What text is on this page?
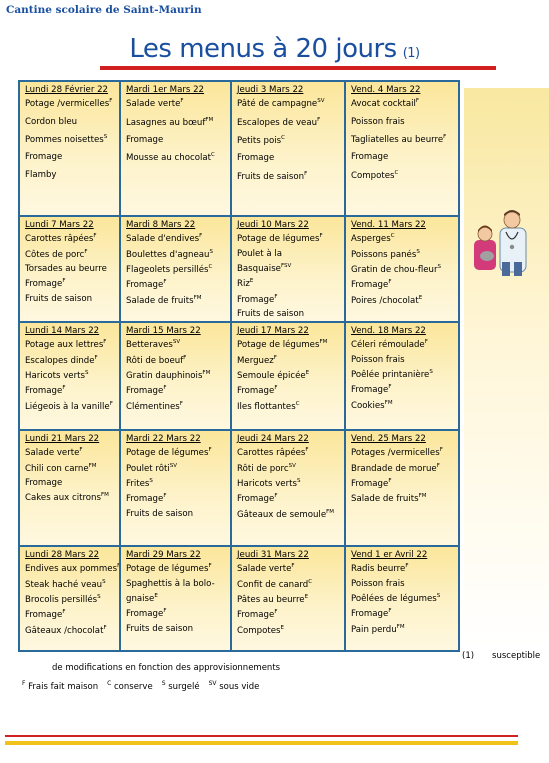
Cantine scolaire de Saint-Maurin
Les menus à 20 jours (1)
Lundi 28 Février 22
Potage /vermicelles$^F$
Cordon bleu
Pommes noisettes$^S$
Fromage
Flamby
Mardi 1er Mars 22
Salade verte$^F$
Lasagnes au bœuf$^{FM}$
Fromage
Mousse au chocolat$^C$
Jeudi 3 Mars 22
Pâté de campagne$^{SV}$
Escalopes de veau$^F$
Petits pois$^C$
Fromage
Fruits de saison$^F$
Vend. 4 Mars 22
Avocat cocktail$^F$
Poisson frais
Tagliatelles au beurre$^F$
Fromage
Compotes$^C$
Lundi 7 Mars 22
Carottes râpées$^F$
Côtes de porc$^F$
Torsades au beurre
Fromage$^F$
Fruits de saison
Mardi 8 Mars 22
Salade d'endives$^F$
Boulettes d'agneau$^S$
Flageolets persillés$^C$
Fromage$^F$
Salade de fruits$^{FM}$
Jeudi 10 Mars 22
Potage de légumes$^F$
Poulet à la
Basquaise$^{FSV}$
Riz$^E$
Fromage$^F$
Fruits de saison
Vend. 11 Mars 22
Asperges$^C$
Poissons panés$^S$
Gratin de chou-fleur$^S$
Fromage$^F$
Poires /chocolat$^E$
Lundi 14 Mars 22
Potage aux lettres$^F$
Escalopes dinde$^F$
Haricots verts$^S$
Fromage$^F$
Liégeois à la vanille$^F$
Mardi 15 Mars 22
Betteraves$^{SV}$
Rôti de boeuf$^F$
Gratin dauphinois$^{FM}$
Fromage$^F$
Clémentines$^F$
Jeudi 17 Mars 22
Potage de légumes$^{FM}$
Merguez$^F$
Semoule épicée$^E$
Fromage$^F$
Iles flottantes$^C$
Vend. 18 Mars 22
Céleri rémoulade$^F$
Poisson frais
Poêlée printanière$^S$
Fromage$^F$
Cookies$^{FM}$
Lundi 21 Mars 22
Salade verte$^F$
Chili con carne$^{FM}$
Fromage
Cakes aux citrons$^{FM}$
Mardi 22 Mars 22
Potage de légumes$^F$
Poulet rôti$^{SV}$
Frites$^S$
Fromage$^F$
Fruits de saison
Jeudi 24 Mars 22
Carottes râpées$^F$
Rôti de porc$^{SV}$
Haricots verts$^S$
Fromage$^F$
Gâteaux de semoule$^{FM}$
Vend. 25 Mars 22
Potages /vermicelles$^F$
Brandade de morue$^F$
Fromage$^F$
Salade de fruits$^{FM}$
Lundi 28 Mars 22
Endives aux pommes$^F$
Steak haché veau$^S$
Brocolis persillés$^S$
Fromage$^F$
Gâteaux /chocolat$^F$
Mardi 29 Mars 22
Potage de légumes$^F$
Spaghettis à la bolo-
gnaise$^E$
Fromage$^F$
Fruits de saison
Jeudi 31 Mars 22
Salade verte$^F$
Confit de canard$^C$
Pâtes au beurre$^E$
Fromage$^F$
Compotes$^E$
Vend 1 er Avril 22
Radis beurre$^F$
Poisson frais
Poêlées de légumes$^S$
Fromage$^F$
Pain perdu$^{FM}$
(1) susceptible
de modifications en fonction des approvisionnements
$^F$ Frais fait maison $^C$ conserve $^S$ surgelé $^{SV}$ sous vide
